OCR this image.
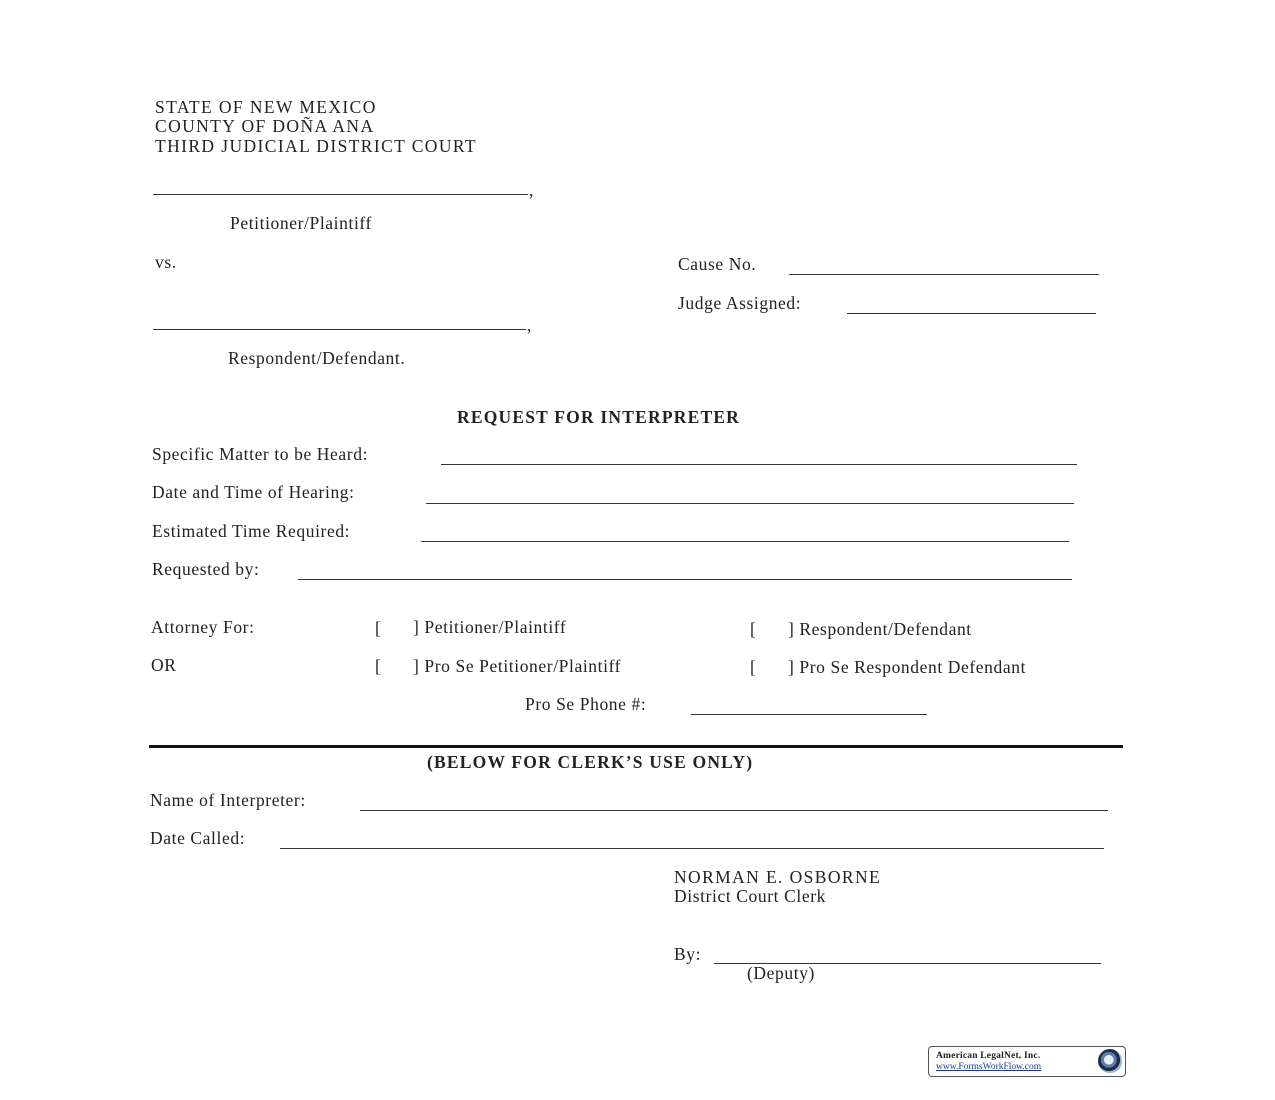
STATE OF NEW MEXICO
COUNTY OF DOÑA ANA
THIRD JUDICIAL DISTRICT COURT
,
Petitioner/Plaintiff
vs.	Cause No.
Judge Assigned:
,
Respondent/Defendant.
REQUEST FOR INTERPRETER
Specific Matter to be Heard:
Date and Time of Hearing:
Estimated Time Required:
Requested by:
Attorney For:	[ ] Petitioner/Plaintiff	[ ] Respondent/Defendant
OR	[ ] Pro Se Petitioner/Plaintiff	[ ] Pro Se Respondent Defendant
Pro Se Phone #:
(BELOW FOR CLERK’S USE ONLY)
Name of Interpreter:
Date Called:
NORMAN E. OSBORNE
District Court Clerk
By:
(Deputy)
American LegalNet, Inc.
www.FormsWorkFlow.com
